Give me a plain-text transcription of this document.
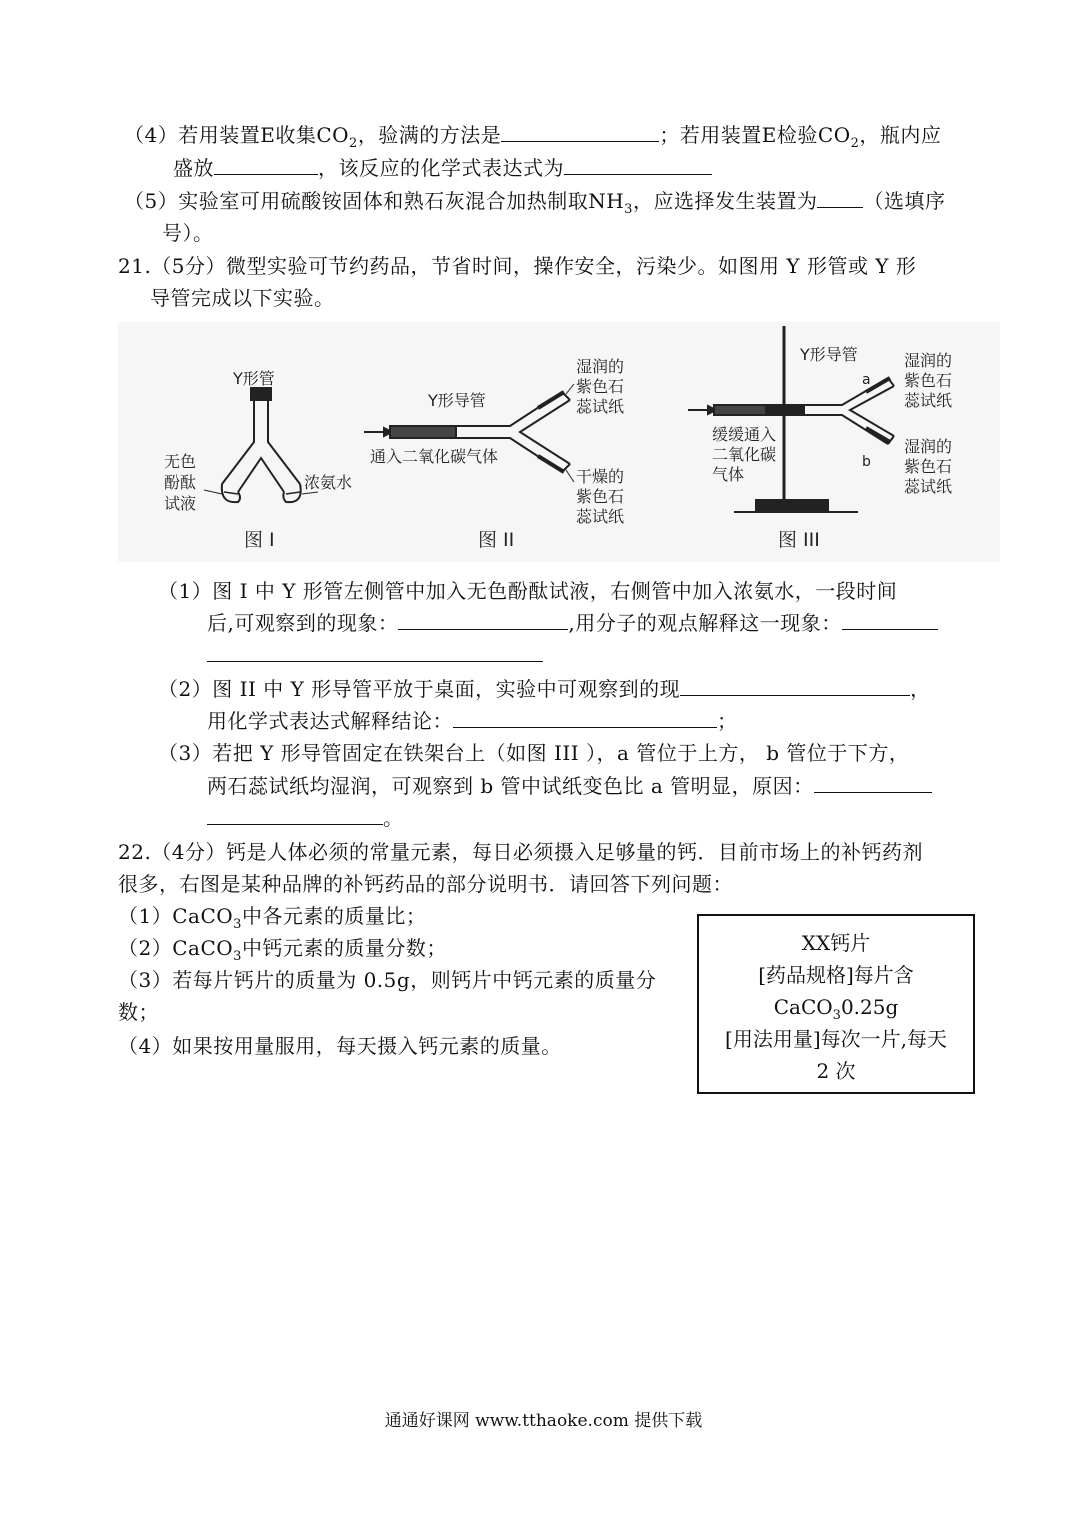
（4）若用装置E收集$CO_2$，验满的方法是	；若用装置E检验$CO_2$，瓶内应
盛放	，该反应的化学式表达式为
（5）实验室可用硫酸铵固体和熟石灰混合加热制取$NH_3$，应选择发生装置为 （选填序
号）。
21.（5分）微型实验可节约药品，节省时间，操作安全，污染少。如图用 Y 形管或 Y 形
导管完成以下实验。
Y形管
无色
酚酞
试液
浓氨水
图 I
Y形导管
通入二氧化碳气体
湿润的
紫色石
蕊试纸
干燥的
紫色石
蕊试纸
图 II
Y形导管
a
b
缓缓通入
二氧化碳
气体
湿润的
紫色石
蕊试纸
湿润的
紫色石
蕊试纸
图 III
（1）图 I 中 Y 形管左侧管中加入无色酚酞试液，右侧管中加入浓氨水，一段时间
后,可观察到的现象：	,用分子的观点解释这一现象：
（2）图 II 中 Y 形导管平放于桌面，实验中可观察到的现	，
用化学式表达式解释结论：	；
（3）若把 Y 形导管固定在铁架台上（如图 III ），a 管位于上方， b 管位于下方，
两石蕊试纸均湿润，可观察到 b 管中试纸变色比 a 管明显，原因：
。
22.（4分）钙是人体必须的常量元素，每日必须摄入足够量的钙．目前市场上的补钙药剂
很多，右图是某种品牌的补钙药品的部分说明书．请回答下列问题：
（1）CaCO$_3$中各元素的质量比；
（2）CaCO$_3$中钙元素的质量分数；
（3）若每片钙片的质量为 0.5g，则钙片中钙元素的质量分
数；
（4）如果按用量服用，每天摄入钙元素的质量。
XX钙片
[药品规格]每片含
CaCO$_3$0.25g
[用法用量]每次一片,每天
2 次
通通好课网 www.tthaoke.com 提供下载
